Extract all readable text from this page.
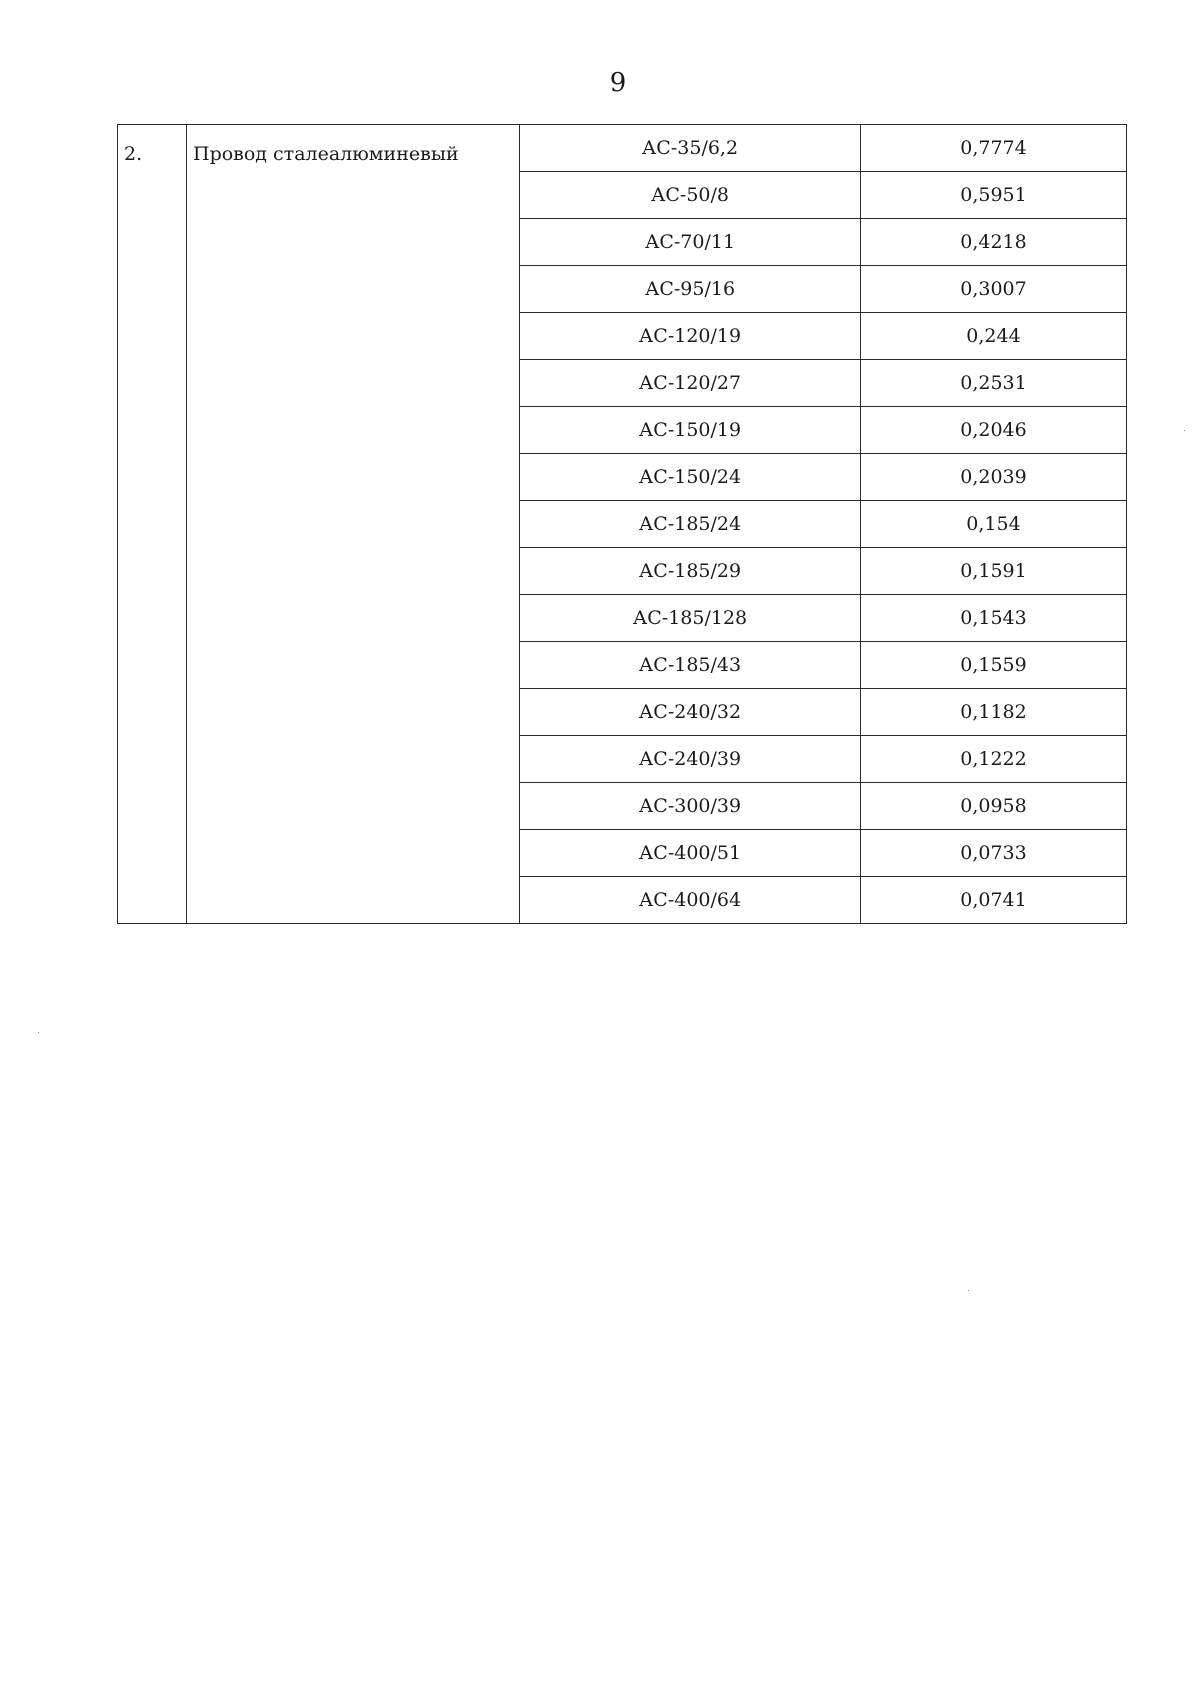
9
2.	Провод сталеалюминевый	АС-35/6,2	0,7774
		АС-50/8	0,5951
		АС-70/11	0,4218
		АС-95/16	0,3007
		АС-120/19	0,244
		АС-120/27	0,2531
		АС-150/19	0,2046
		АС-150/24	0,2039
		АС-185/24	0,154
		АС-185/29	0,1591
		АС-185/128	0,1543
		АС-185/43	0,1559
		АС-240/32	0,1182
		АС-240/39	0,1222
		АС-300/39	0,0958
		АС-400/51	0,0733
		АС-400/64	0,0741
